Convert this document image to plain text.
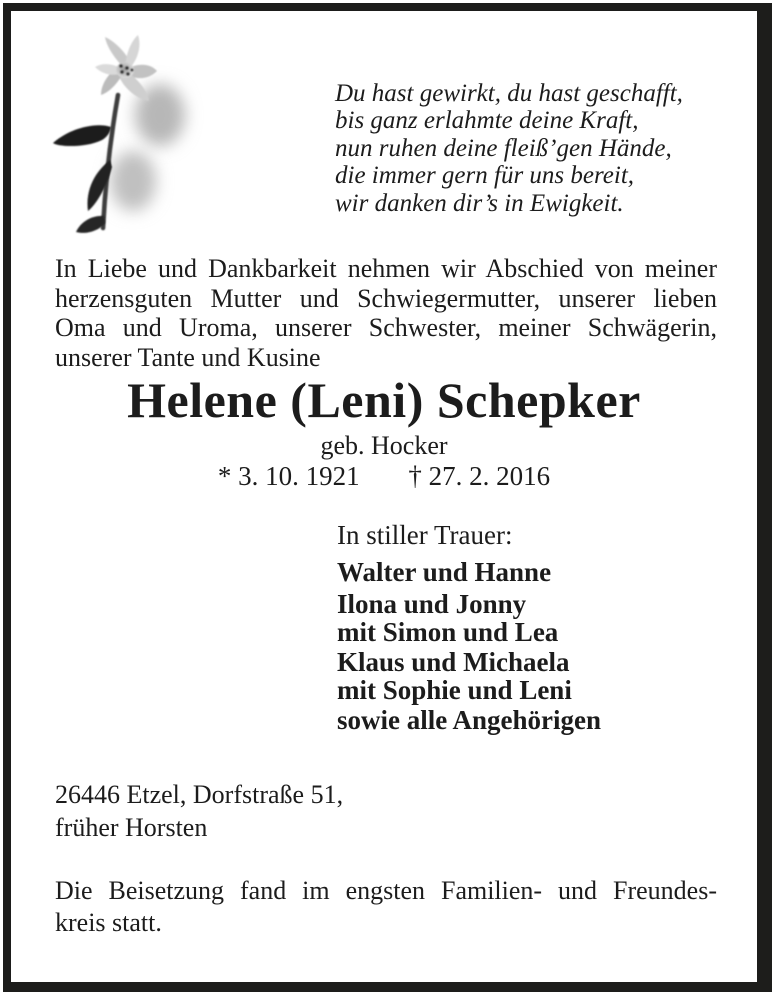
Du hast gewirkt, du hast geschafft,
bis ganz erlahmte deine Kraft,
nun ruhen deine fleiß’gen Hände,
die immer gern für uns bereit,
wir danken dir’s in Ewigkeit.
In Liebe und Dankbarkeit nehmen wir Abschied von meiner
herzensguten Mutter und Schwiegermutter, unserer lieben
Oma und Uroma, unserer Schwester, meiner Schwägerin,
unserer Tante und Kusine
Helene (Leni) Schepker
geb. Hocker
* 3. 10. 1921 † 27. 2. 2016
In stiller Trauer:
Walter und Hanne
Ilona und Jonny
mit Simon und Lea
Klaus und Michaela
mit Sophie und Leni
sowie alle Angehörigen
26446 Etzel, Dorfstraße 51,
früher Horsten
Die Beisetzung fand im engsten Familien- und Freundes-
kreis statt.
